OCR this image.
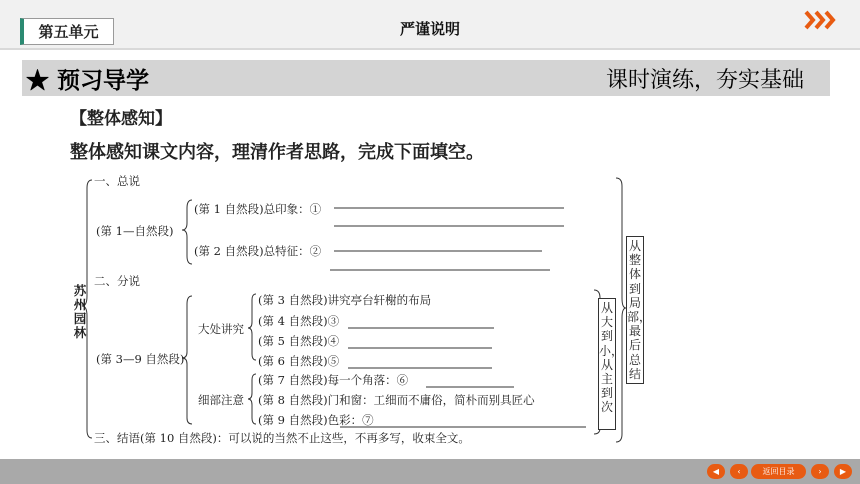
第五单元	严谨说明
★ 预习导学	课时演练，夯实基础
【整体感知】
整体感知课文内容，理清作者思路，完成下面填空。
苏州园林
一、总说
(第 1—自然段)
(第 1 自然段)总印象：①
(第 2 自然段)总特征：②
二、分说
(第 3—9 自然段)
大处讲究
(第 3 自然段)讲究亭台轩榭的布局
(第 4 自然段)③
(第 5 自然段)④
(第 6 自然段)⑤
细部注意
(第 7 自然段)每一个角落：⑥
(第 8 自然段)门和窗：工细而不庸俗，简朴而别具匠心
(第 9 自然段)色彩：⑦
三、结语(第 10 自然段)：可以说的当然不止这些，不再多写，收束全文。
从大到小，从主到次
从整体到局部，最后总结
◀	‹	返回目录	›	▶
